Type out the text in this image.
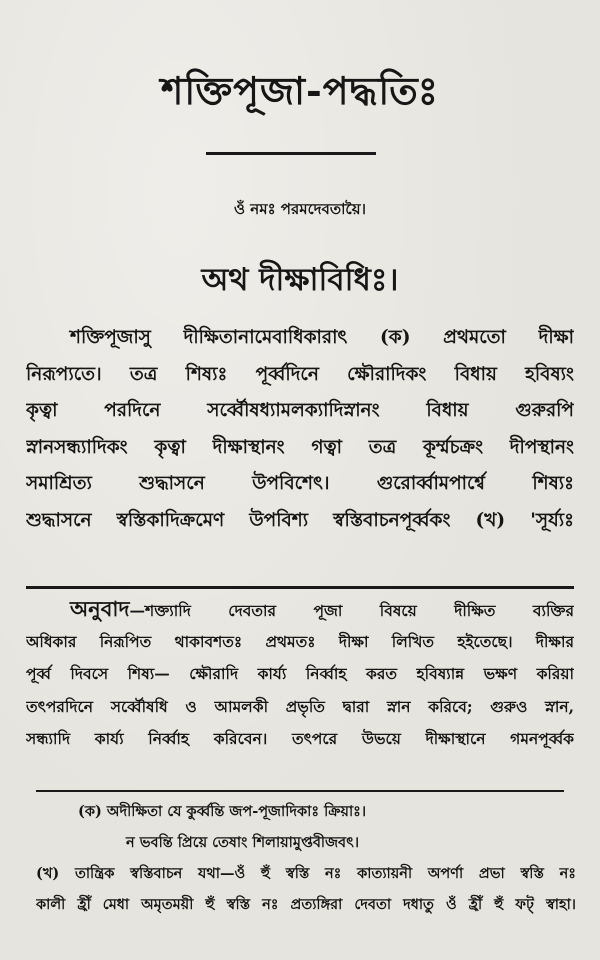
শক্তিপূজা-পদ্ধতিঃ
ওঁ নমঃ পরমদেবতায়ৈ।
অথ দীক্ষাবিধিঃ।
শক্তিপূজাসু দীক্ষিতানামেবাধিকারাৎ (ক) প্রথমতো দীক্ষা
নিরূপ্যতে। তত্র শিষ্যঃ পূর্ব্বদিনে ক্ষৌরাদিকং বিধায় হবিষ্যং
কৃত্বা পরদিনে সর্ব্বৌষধ্যামলক্যাদিস্নানং বিধায় গুরুরপি
স্নানসন্ধ্যাদিকং কৃত্বা দীক্ষাস্থানং গত্বা তত্র কূর্ম্মচক্রং দীপস্থানং
সমাশ্রিত্য শুদ্ধাসনে উপবিশেৎ। গুরোর্ব্বামপার্শ্বে শিষ্যঃ
শুদ্ধাসনে স্বস্তিকাদিক্রমেণ উপবিশ্য স্বস্তিবাচনপূর্ব্বকং (খ) 'সূর্য্যঃ
অনুবাদ—শক্ত্যাদি দেবতার পূজা বিষয়ে দীক্ষিত ব্যক্তির
অধিকার নিরূপিত থাকাবশতঃ প্রথমতঃ দীক্ষা লিখিত হইতেছে। দীক্ষার
পূর্ব্ব দিবসে শিষ্য— ক্ষৌরাদি কার্য্য নির্ব্বাহ করত হবিষ্যান্ন ভক্ষণ করিয়া
তৎপরদিনে সর্ব্বৌষধি ও আমলকী প্রভৃতি দ্বারা স্নান করিবে; গুরুও স্নান,
সন্ধ্যাদি কার্য্য নির্ব্বাহ করিবেন। তৎপরে উভয়ে দীক্ষাস্থানে গমনপূর্ব্বক
(ক) অদীক্ষিতা যে কুর্ব্বন্তি জপ-পূজাদিকাঃ ক্রিয়াঃ।
ন ভবন্তি প্রিয়ে তেষাং শিলায়ামুপ্তবীজবৎ।
(খ) তান্ত্রিক স্বস্তিবাচন যথা—ওঁ হুঁ স্বস্তি নঃ কাত্যায়নী অপর্ণা প্রভা স্বস্তি নঃ
কালী হ্রীঁ মেধা অমৃতময়ী হুঁ স্বস্তি নঃ প্রত্যঙ্গিরা দেবতা দধাতু ওঁ হ্রীঁ হুঁ ফট্ স্বাহা।
